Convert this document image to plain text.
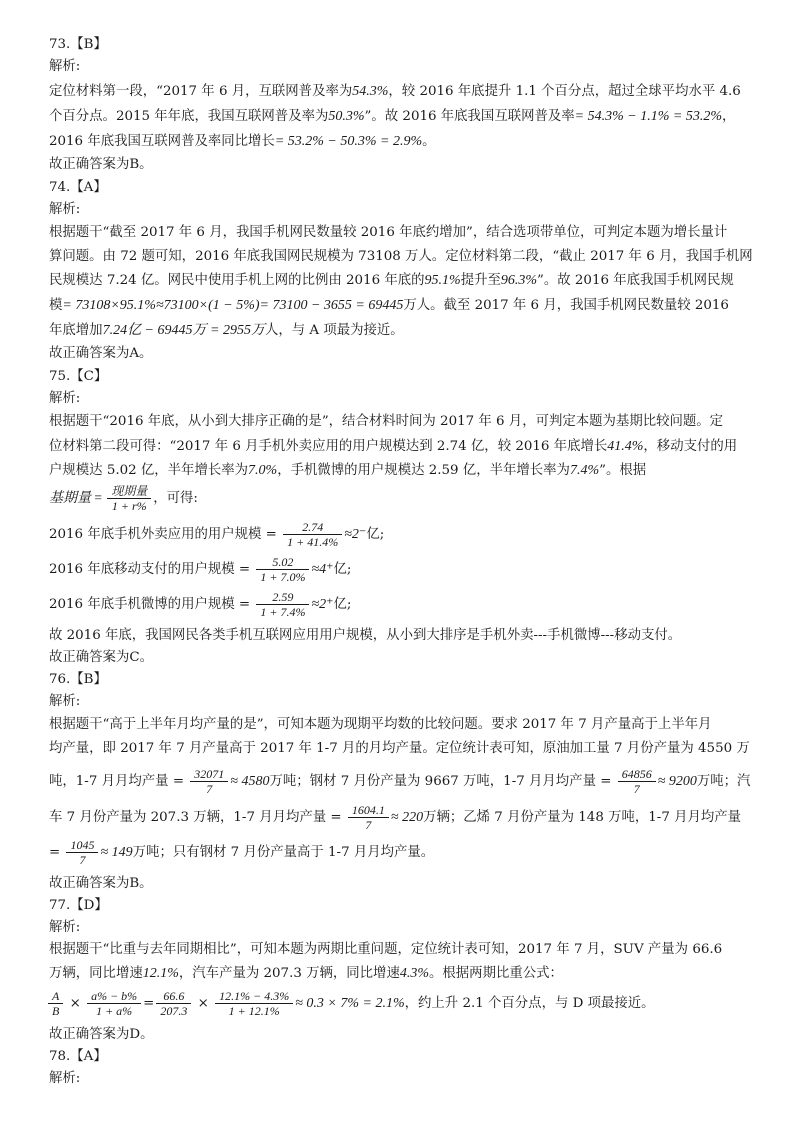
73.【B】
解析:
定位材料第一段，“2017 年 6 月，互联网普及率为54.3%，较 2016 年底提升 1.1 个百分点，超过全球平均水平 4.6
个百分点。2015 年年底，我国互联网普及率为50.3%”。故 2016 年底我国互联网普及率= 54.3% − 1.1% = 53.2%，
2016 年底我国互联网普及率同比增长= 53.2% − 50.3% = 2.9%。
故正确答案为B。
74.【A】
解析:
根据题干“截至 2017 年 6 月，我国手机网民数量较 2016 年底约增加”，结合选项带单位，可判定本题为增长量计
算问题。由 72 题可知，2016 年底我国网民规模为 73108 万人。定位材料第二段，“截止 2017 年 6 月，我国手机网
民规模达 7.24 亿。网民中使用手机上网的比例由 2016 年底的95.1%提升至96.3%”。故 2016 年底我国手机网民规
模= 73108×95.1%≈73100×(1 − 5%)= 73100 − 3655 = 69445万人。截至 2017 年 6 月，我国手机网民数量较 2016
年底增加7.24亿 − 69445万 = 2955万人，与 A 项最为接近。
故正确答案为A。
75.【C】
解析:
根据题干“2016 年底，从小到大排序正确的是”，结合材料时间为 2017 年 6 月，可判定本题为基期比较问题。定
位材料第二段可得：“2017 年 6 月手机外卖应用的用户规模达到 2.74 亿，较 2016 年底增长41.4%，移动支付的用
户规模达 5.02 亿，半年增长率为7.0%，手机微博的用户规模达 2.59 亿，半年增长率为7.4%”。根据
基期量 = 现期量
1 + r% ，可得:
2016 年底手机外卖应用的用户规模 = $\frac{2.74}{1 + 41.4\%} \approx 2^-$亿;
2016 年底移动支付的用户规模 = $\frac{5.02}{1 + 7.0\%} \approx 4^+$亿;
2016 年底手机微博的用户规模 = $\frac{2.59}{1 + 7.4\%} \approx 2^+$亿;
故 2016 年底，我国网民各类手机互联网应用用户规模，从小到大排序是手机外卖---手机微博---移动支付。
故正确答案为C。
76.【B】
解析:
根据题干“高于上半年月均产量的是”，可知本题为现期平均数的比较问题。要求 2017 年 7 月产量高于上半年月
均产量，即 2017 年 7 月产量高于 2017 年 1-7 月的月均产量。定位统计表可知，原油加工量 7 月份产量为 4550 万
吨，1-7 月月均产量 = $\frac{32071}{7} \approx 4580$万吨；钢材 7 月份产量为 9667 万吨，1-7 月月均产量 = $\frac{64856}{7} \approx 9200$万吨；汽
车 7 月份产量为 207.3 万辆，1-7 月月均产量 = $\frac{1604.1}{7} \approx 220$万辆；乙烯 7 月份产量为 148 万吨，1-7 月月均产量
= $\frac{1045}{7} \approx 149$万吨；只有钢材 7 月份产量高于 1-7 月月均产量。
故正确答案为B。
77.【D】
解析:
根据题干“比重与去年同期相比”，可知本题为两期比重问题，定位统计表可知，2017 年 7 月，SUV 产量为 66.6
万辆，同比增速12.1%，汽车产量为 207.3 万辆，同比增速4.3%。根据两期比重公式：
$\frac{A}{B} \times \frac{a\% - b\%}{1 + a\%} = \frac{66.6}{207.3} \times \frac{12.1\% - 4.3\%}{1 + 12.1\%} \approx 0.3 \times 7\% = 2.1\%$，约上升 2.1 个百分点，与 D 项最接近。
故正确答案为D。
78.【A】
解析:
